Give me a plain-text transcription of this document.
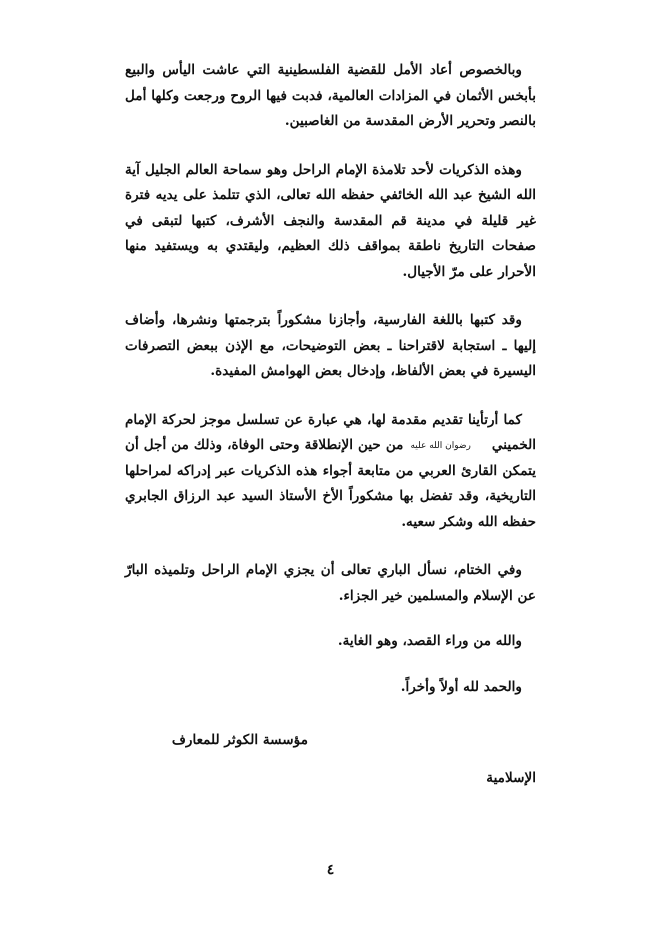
وبالخصوص أعاد الأمل للقضية الفلسطينية التي عاشت اليأس والبيع بأبخس الأثمان في المزادات العالمية، فدبت فيها الروح ورجعت وكلها أمل بالنصر وتحرير الأرض المقدسة من الغاصبين.

وهذه الذكريات لأحد تلامذة الإمام الراحل وهو سماحة العالم الجليل آية الله الشيخ عبد الله الخائفي حفظه الله تعالى، الذي تتلمذ على يديه فترة غير قليلة في مدينة قم المقدسة والنجف الأشرف، كتبها لتبقى في صفحات التاريخ ناطقة بمواقف ذلك العظيم، وليقتدي به ويستفيد منها الأحرار على مرّ الأجيال.

وقد كتبها باللغة الفارسية، وأجازنا مشكوراً بترجمتها ونشرها، وأضاف إليها ـ استجابة لاقتراحنا ـ بعض التوضيحات، مع الإذن ببعض التصرفات اليسيرة في بعض الألفاظ، وإدخال بعض الهوامش المفيدة.

كما أرتأينا تقديم مقدمة لها، هي عبارة عن تسلسل موجز لحركة الإمام الخميني رضوان الله عليه من حين الإنطلاقة وحتى الوفاة، وذلك من أجل أن يتمكن القارئ العربي من متابعة أجواء هذه الذكريات عبر إدراكه لمراحلها التاريخية، وقد تفضل بها مشكوراً الأخ الأستاذ السيد عبد الرزاق الجابري حفظه الله وشكر سعيه.

وفي الختام، نسأل الباري تعالى أن يجزي الإمام الراحل وتلميذه البارّ عن الإسلام والمسلمين خير الجزاء.

والله من وراء القصد، وهو الغاية.

والحمد لله أولاً وأخراً.

مؤسسة الكوثر للمعارف

الإسلامية

٤
